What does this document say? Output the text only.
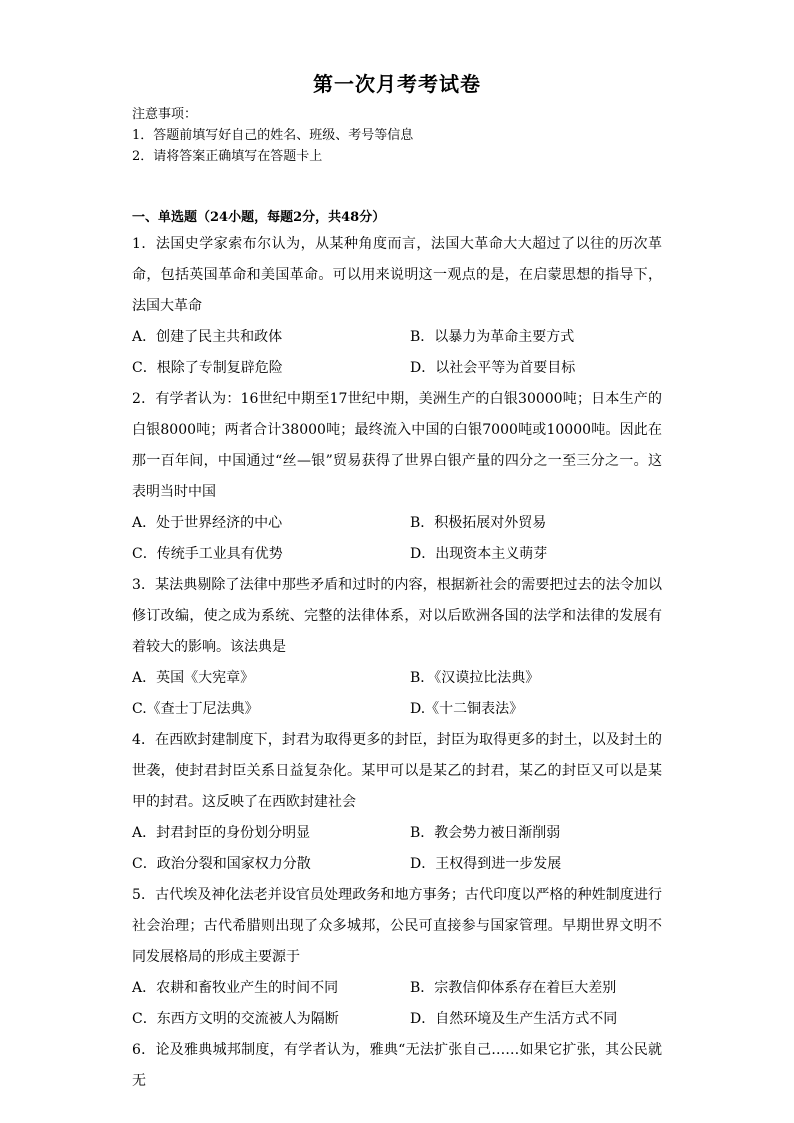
第一次月考考试卷
注意事项：
1．答题前填写好自己的姓名、班级、考号等信息
2．请将答案正确填写在答题卡上
一、单选题（24小题，每题2分，共48分）

1．法国史学家索布尔认为，从某种角度而言，法国大革命大大超过了以往的历次革命，包括英国革命和美国革命。可以用来说明这一观点的是，在启蒙思想的指导下，法国大革命

A．创建了民主共和政体	B．以暴力为革命主要方式
C．根除了专制复辟危险	D．以社会平等为首要目标

2．有学者认为：16世纪中期至17世纪中期，美洲生产的白银30000吨；日本生产的白银8000吨；两者合计38000吨；最终流入中国的白银7000吨或10000吨。因此在那一百年间，中国通过“丝—银”贸易获得了世界白银产量的四分之一至三分之一。这表明当时中国

A．处于世界经济的中心	B．积极拓展对外贸易
C．传统手工业具有优势	D．出现资本主义萌芽

3．某法典剔除了法律中那些矛盾和过时的内容，根据新社会的需要把过去的法令加以修订改编，使之成为系统、完整的法律体系，对以后欧洲各国的法学和法律的发展有着较大的影响。该法典是

A．英国《大宪章》	B．《汉谟拉比法典》
C.《查士丁尼法典》	D.《十二铜表法》

4．在西欧封建制度下，封君为取得更多的封臣，封臣为取得更多的封土，以及封土的世袭，使封君封臣关系日益复杂化。某甲可以是某乙的封君，某乙的封臣又可以是某甲的封君。这反映了在西欧封建社会

A．封君封臣的身份划分明显	B．教会势力被日渐削弱
C．政治分裂和国家权力分散	D．王权得到进一步发展

5．古代埃及神化法老并设官员处理政务和地方事务；古代印度以严格的种姓制度进行社会治理；古代希腊则出现了众多城邦，公民可直接参与国家管理。早期世界文明不同发展格局的形成主要源于

A．农耕和畜牧业产生的时间不同	B．宗教信仰体系存在着巨大差别
C．东西方文明的交流被人为隔断	D．自然环境及生产生活方式不同

6．论及雅典城邦制度，有学者认为，雅典“无法扩张自己……如果它扩张，其公民就无
